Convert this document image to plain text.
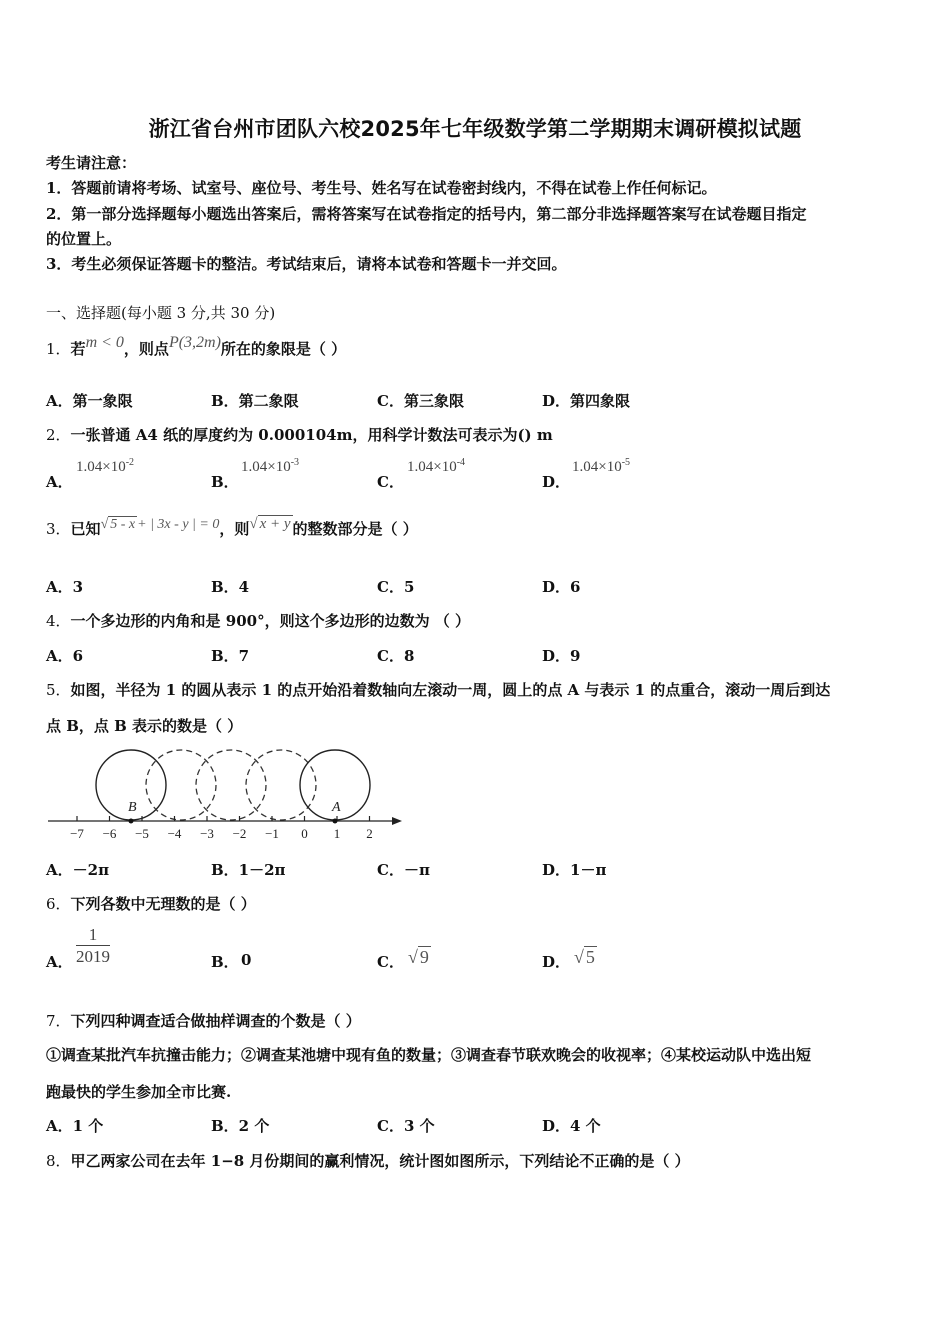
浙江省台州市团队六校2025年七年级数学第二学期期末调研模拟试题
考生请注意：
1．答题前请将考场、试室号、座位号、考生号、姓名写在试卷密封线内，不得在试卷上作任何标记。
2．第一部分选择题每小题选出答案后，需将答案写在试卷指定的括号内，第二部分非选择题答案写在试卷题目指定
的位置上。
3．考生必须保证答题卡的整洁。考试结束后，请将本试卷和答题卡一并交回。
一、选择题(每小题 3 分,共 30 分)
1．若m < 0，则点P(3,2m)所在的象限是（ ）
A．第一象限	B．第二象限	C．第三象限	D．第四象限
2．一张普通 A4 纸的厚度约为 0.000104m，用科学计数法可表示为() m
A．
$1.04\times 10^{-2}$
B．
$1.04\times 10^{-3}$
C．
$1.04\times 10^{-4}$
D．
$1.04\times 10^{-5}$
3．已知√ 5 - x + | 3x - y | = 0，则√ x + y 的整数部分是（ ）
A．3	B．4	C．5	D．6
4．一个多边形的内角和是 900°，则这个多边形的边数为 （ ）
A．6	B．7	C．8	D．9
5．如图，半径为 1 的圆从表示 1 的点开始沿着数轴向左滚动一周，圆上的点 A 与表示 1 的点重合，滚动一周后到达
点 B，点 B 表示的数是（ ）
−7 −6 −5 −4 −3 −2 −1 0 1 2
B	A
A．－2π	B．1－2π	C．－π	D．1－π
6．下列各数中无理数的是（ ）
A． $\frac{1}{2019}$	B． 0	C． √ 9	D． √ 5
7．下列四种调查适合做抽样调查的个数是（ ）
①调查某批汽车抗撞击能力；②调查某池塘中现有鱼的数量；③调查春节联欢晚会的收视率；④某校运动队中选出短
跑最快的学生参加全市比赛.
A．1 个	B．2 个	C．3 个	D．4 个
8．甲乙两家公司在去年 1−8 月份期间的赢利情况，统计图如图所示，下列结论不正确的是（ ）
